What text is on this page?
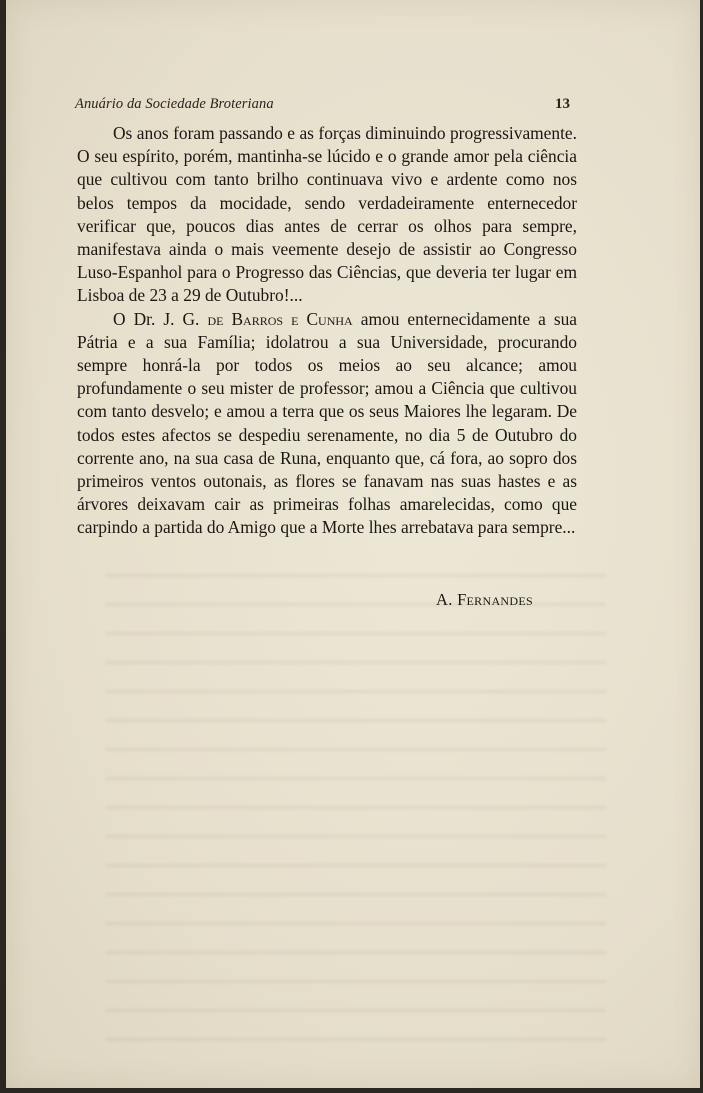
Anuário da Sociedade Broteriana	13

Os anos foram passando e as forças diminuindo progressivamente. O seu espírito, porém, mantinha-se lúcido e o grande amor pela ciência que cultivou com tanto brilho continuava vivo e ardente como nos belos tempos da mocidade, sendo verdadeiramente enternecedor verificar que, poucos dias antes de cerrar os olhos para sempre, manifestava ainda o mais veemente desejo de assistir ao Congresso Luso-Espanhol para o Progresso das Ciências, que deveria ter lugar em Lisboa de 23 a 29 de Outubro!...

O Dr. J. G. de Barros e Cunha amou enternecidamente a sua Pátria e a sua Família; idolatrou a sua Universidade, procurando sempre honrá-la por todos os meios ao seu alcance; amou profundamente o seu mister de professor; amou a Ciência que cultivou com tanto desvelo; e amou a terra que os seus Maiores lhe legaram. De todos estes afectos se despediu serenamente, no dia 5 de Outubro do corrente ano, na sua casa de Runa, enquanto que, cá fora, ao sopro dos primeiros ventos outonais, as flores se fanavam nas suas hastes e as árvores deixavam cair as primeiras folhas amarelecidas, como que carpindo a partida do Amigo que a Morte lhes arrebatava para sempre...

A. Fernandes
